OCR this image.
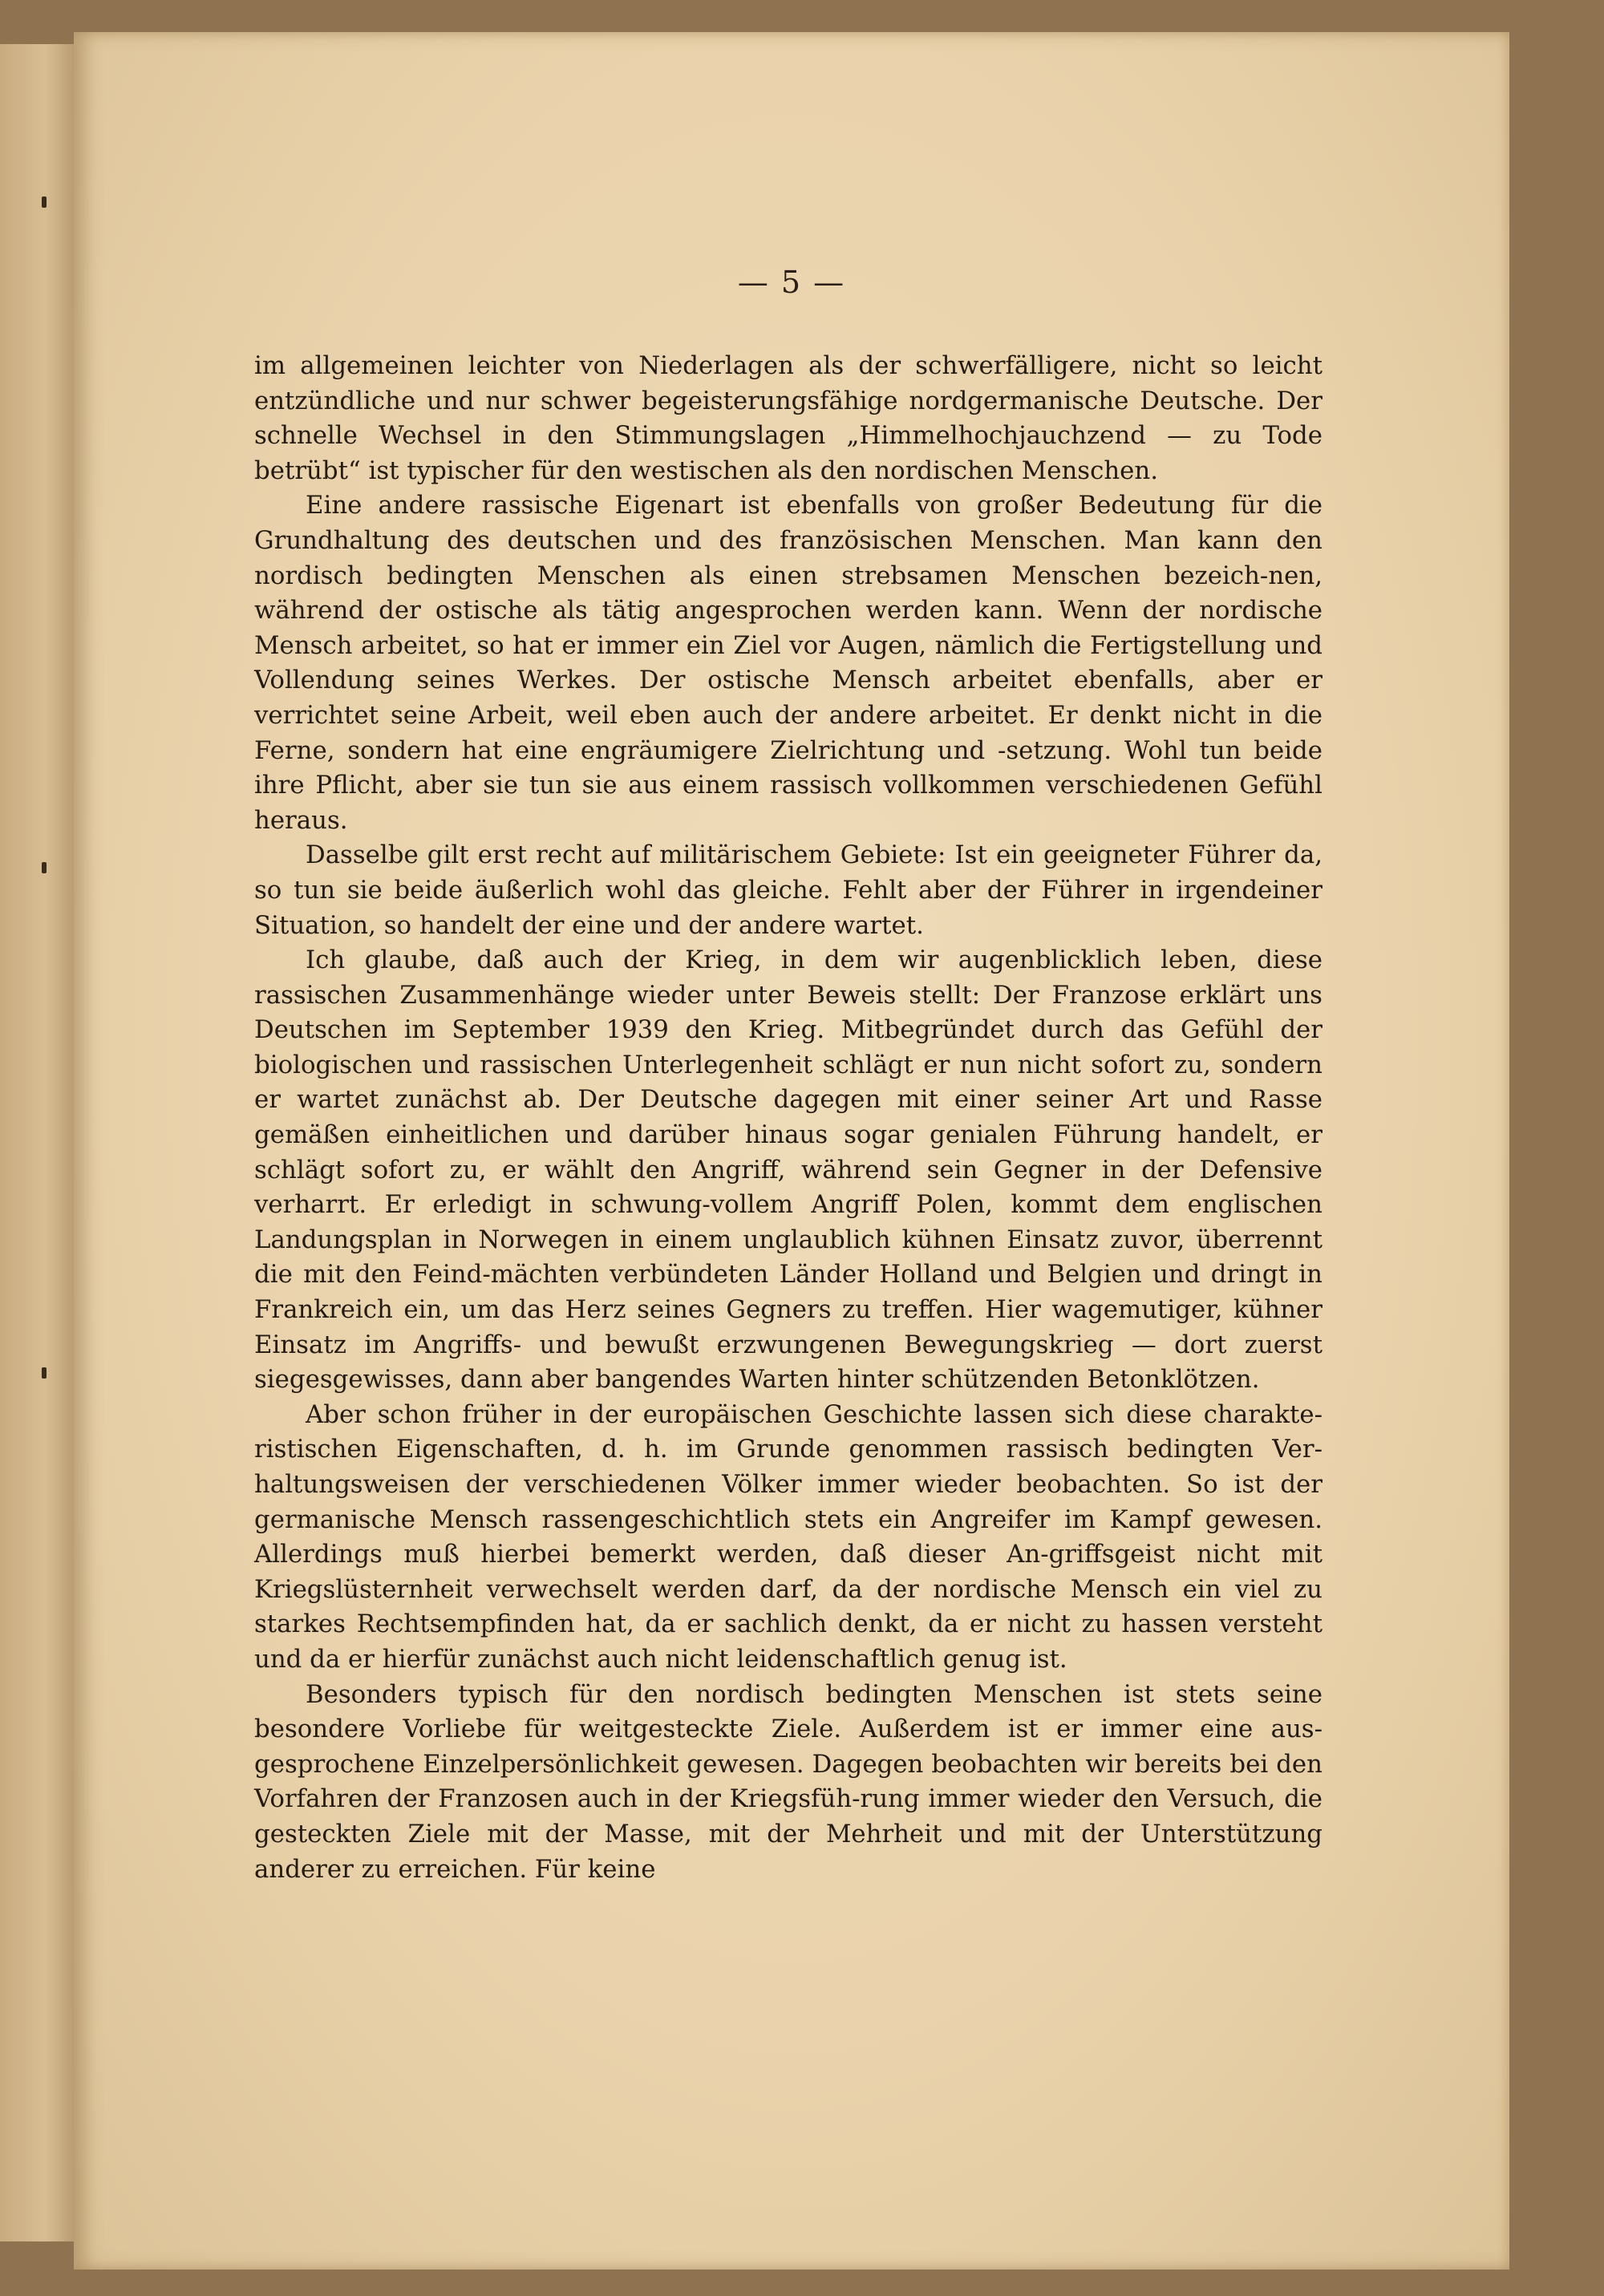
— 5 —

im allgemeinen leichter von Niederlagen als der schwerfälligere, nicht so leicht entzündliche und nur schwer begeisterungsfähige nordgermanische Deutsche. Der schnelle Wechsel in den Stimmungslagen „Himmelhochjauchzend — zu Tode betrübt“ ist typischer für den westischen als den nordischen Menschen.

Eine andere rassische Eigenart ist ebenfalls von großer Bedeutung für die Grundhaltung des deutschen und des französischen Menschen. Man kann den nordisch bedingten Menschen als einen strebsamen Menschen bezeich-nen, während der ostische als tätig angesprochen werden kann. Wenn der nordische Mensch arbeitet, so hat er immer ein Ziel vor Augen, nämlich die Fertigstellung und Vollendung seines Werkes. Der ostische Mensch arbeitet ebenfalls, aber er verrichtet seine Arbeit, weil eben auch der andere arbeitet. Er denkt nicht in die Ferne, sondern hat eine engräumigere Zielrichtung und -setzung. Wohl tun beide ihre Pflicht, aber sie tun sie aus einem rassisch vollkommen verschiedenen Gefühl heraus.

Dasselbe gilt erst recht auf militärischem Gebiete: Ist ein geeigneter Führer da, so tun sie beide äußerlich wohl das gleiche. Fehlt aber der Führer in irgendeiner Situation, so handelt der eine und der andere wartet.

Ich glaube, daß auch der Krieg, in dem wir augenblicklich leben, diese rassischen Zusammenhänge wieder unter Beweis stellt: Der Franzose erklärt uns Deutschen im September 1939 den Krieg. Mitbegründet durch das Gefühl der biologischen und rassischen Unterlegenheit schlägt er nun nicht sofort zu, sondern er wartet zunächst ab. Der Deutsche dagegen mit einer seiner Art und Rasse gemäßen einheitlichen und darüber hinaus sogar genialen Führung handelt, er schlägt sofort zu, er wählt den Angriff, während sein Gegner in der Defensive verharrt. Er erledigt in schwung-vollem Angriff Polen, kommt dem englischen Landungsplan in Norwegen in einem unglaublich kühnen Einsatz zuvor, überrennt die mit den Feind-mächten verbündeten Länder Holland und Belgien und dringt in Frankreich ein, um das Herz seines Gegners zu treffen. Hier wagemutiger, kühner Einsatz im Angriffs- und bewußt erzwungenen Bewegungskrieg — dort zuerst siegesgewisses, dann aber bangendes Warten hinter schützenden Betonklötzen.

Aber schon früher in der europäischen Geschichte lassen sich diese charakte-ristischen Eigenschaften, d. h. im Grunde genommen rassisch bedingten Ver-haltungsweisen der verschiedenen Völker immer wieder beobachten. So ist der germanische Mensch rassengeschichtlich stets ein Angreifer im Kampf gewesen. Allerdings muß hierbei bemerkt werden, daß dieser An-griffsgeist nicht mit Kriegslüsternheit verwechselt werden darf, da der nordische Mensch ein viel zu starkes Rechtsempfinden hat, da er sachlich denkt, da er nicht zu hassen versteht und da er hierfür zunächst auch nicht leidenschaftlich genug ist.

Besonders typisch für den nordisch bedingten Menschen ist stets seine besondere Vorliebe für weitgesteckte Ziele. Außerdem ist er immer eine aus-gesprochene Einzelpersönlichkeit gewesen. Dagegen beobachten wir bereits bei den Vorfahren der Franzosen auch in der Kriegsfüh-rung immer wieder den Versuch, die gesteckten Ziele mit der Masse, mit der Mehrheit und mit der Unterstützung anderer zu erreichen. Für keine
